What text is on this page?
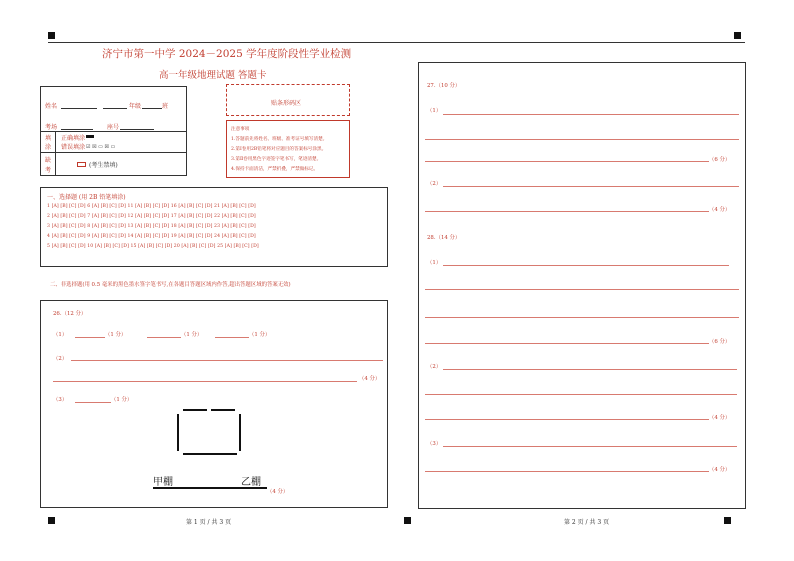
济宁市第一中学 2024－2025 学年度阶段性学业检测
高一年级地理试题 答题卡
姓名	年级	班
考场	座号
填
涂
正确填涂
错误填涂 ☑ ☒ ▭ ☒ ▭
缺
考
(考生禁填)
贴条形码区
注意事项
1.答题前先将姓名、班级、准考证号填写清楚。
2.第Ⅰ卷用2B铅笔将对应题目的答案标号涂黑。
3.第Ⅱ卷用黑色字迹签字笔书写，笔迹清楚。
4.保持卡面清洁，严禁折叠，严禁做标记。
一、选择题 (用 2B 铅笔填涂)
1 [A] [B] [C] [D] 6 [A] [B] [C] [D] 11 [A] [B] [C] [D] 16 [A] [B] [C] [D] 21 [A] [B] [C] [D]
2 [A] [B] [C] [D] 7 [A] [B] [C] [D] 12 [A] [B] [C] [D] 17 [A] [B] [C] [D] 22 [A] [B] [C] [D]
3 [A] [B] [C] [D] 8 [A] [B] [C] [D] 13 [A] [B] [C] [D] 18 [A] [B] [C] [D] 23 [A] [B] [C] [D]
4 [A] [B] [C] [D] 9 [A] [B] [C] [D] 14 [A] [B] [C] [D] 19 [A] [B] [C] [D] 24 [A] [B] [C] [D]
5 [A] [B] [C] [D] 10 [A] [B] [C] [D] 15 [A] [B] [C] [D] 20 [A] [B] [C] [D] 25 [A] [B] [C] [D]
二、非选择题(用 0.5 毫米的黑色墨水签字笔书写,在各题目答题区域内作答,超出答题区域的答案无效)
26.（12 分）
（1）	（1 分）	（1 分）	（1 分）
（2）
（4 分）
（3）	（1 分）
甲棚	乙棚
（4 分）
27.（10 分）
（1）
（6 分）
（2）
（4 分）
28.（14 分）
（1）
（6 分）
（2）
（4 分）
（3）
（4 分）
第 1 页 / 共 3 页	第 2 页 / 共 3 页
